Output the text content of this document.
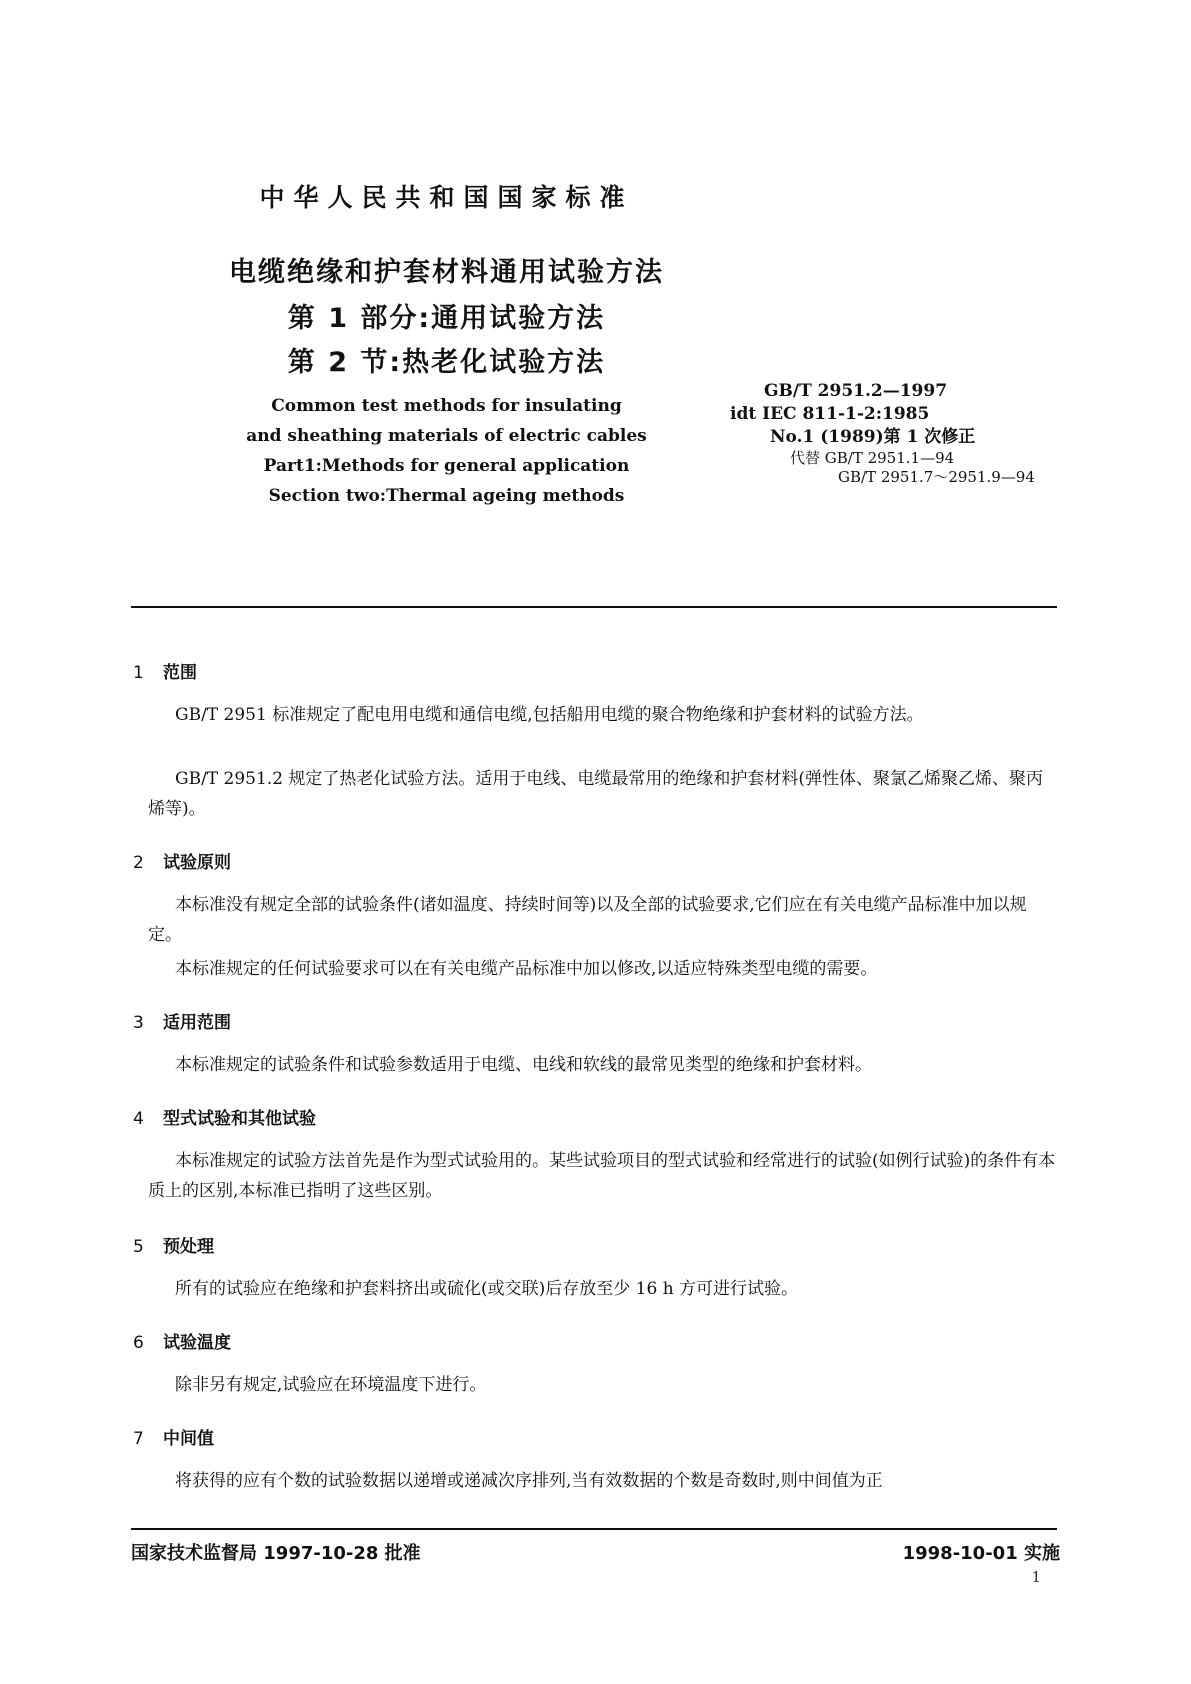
中华人民共和国国家标准
电缆绝缘和护套材料通用试验方法
第 1 部分:通用试验方法
第 2 节:热老化试验方法
Common test methods for insulating
and sheathing materials of electric cables
Part1:Methods for general application
Section two:Thermal ageing methods
GB/T 2951.2—1997
idt IEC 811-1-2:1985
No.1 (1989)第 1 次修正
代替 GB/T 2951.1—94
GB/T 2951.7～2951.9—94
1 范围
GB/T 2951 标准规定了配电用电缆和通信电缆,包括船用电缆的聚合物绝缘和护套材料的试验方法。
GB/T 2951.2 规定了热老化试验方法。适用于电线、电缆最常用的绝缘和护套材料(弹性体、聚氯乙烯聚乙烯、聚丙烯等)。
2 试验原则
本标准没有规定全部的试验条件(诸如温度、持续时间等)以及全部的试验要求,它们应在有关电缆产品标准中加以规定。
本标准规定的任何试验要求可以在有关电缆产品标准中加以修改,以适应特殊类型电缆的需要。
3 适用范围
本标准规定的试验条件和试验参数适用于电缆、电线和软线的最常见类型的绝缘和护套材料。
4 型式试验和其他试验
本标准规定的试验方法首先是作为型式试验用的。某些试验项目的型式试验和经常进行的试验(如例行试验)的条件有本质上的区别,本标准已指明了这些区别。
5 预处理
所有的试验应在绝缘和护套料挤出或硫化(或交联)后存放至少 16 h 方可进行试验。
6 试验温度
除非另有规定,试验应在环境温度下进行。
7 中间值
将获得的应有个数的试验数据以递增或递减次序排列,当有效数据的个数是奇数时,则中间值为正
国家技术监督局 1997-10-28 批准	1998-10-01 实施
1
